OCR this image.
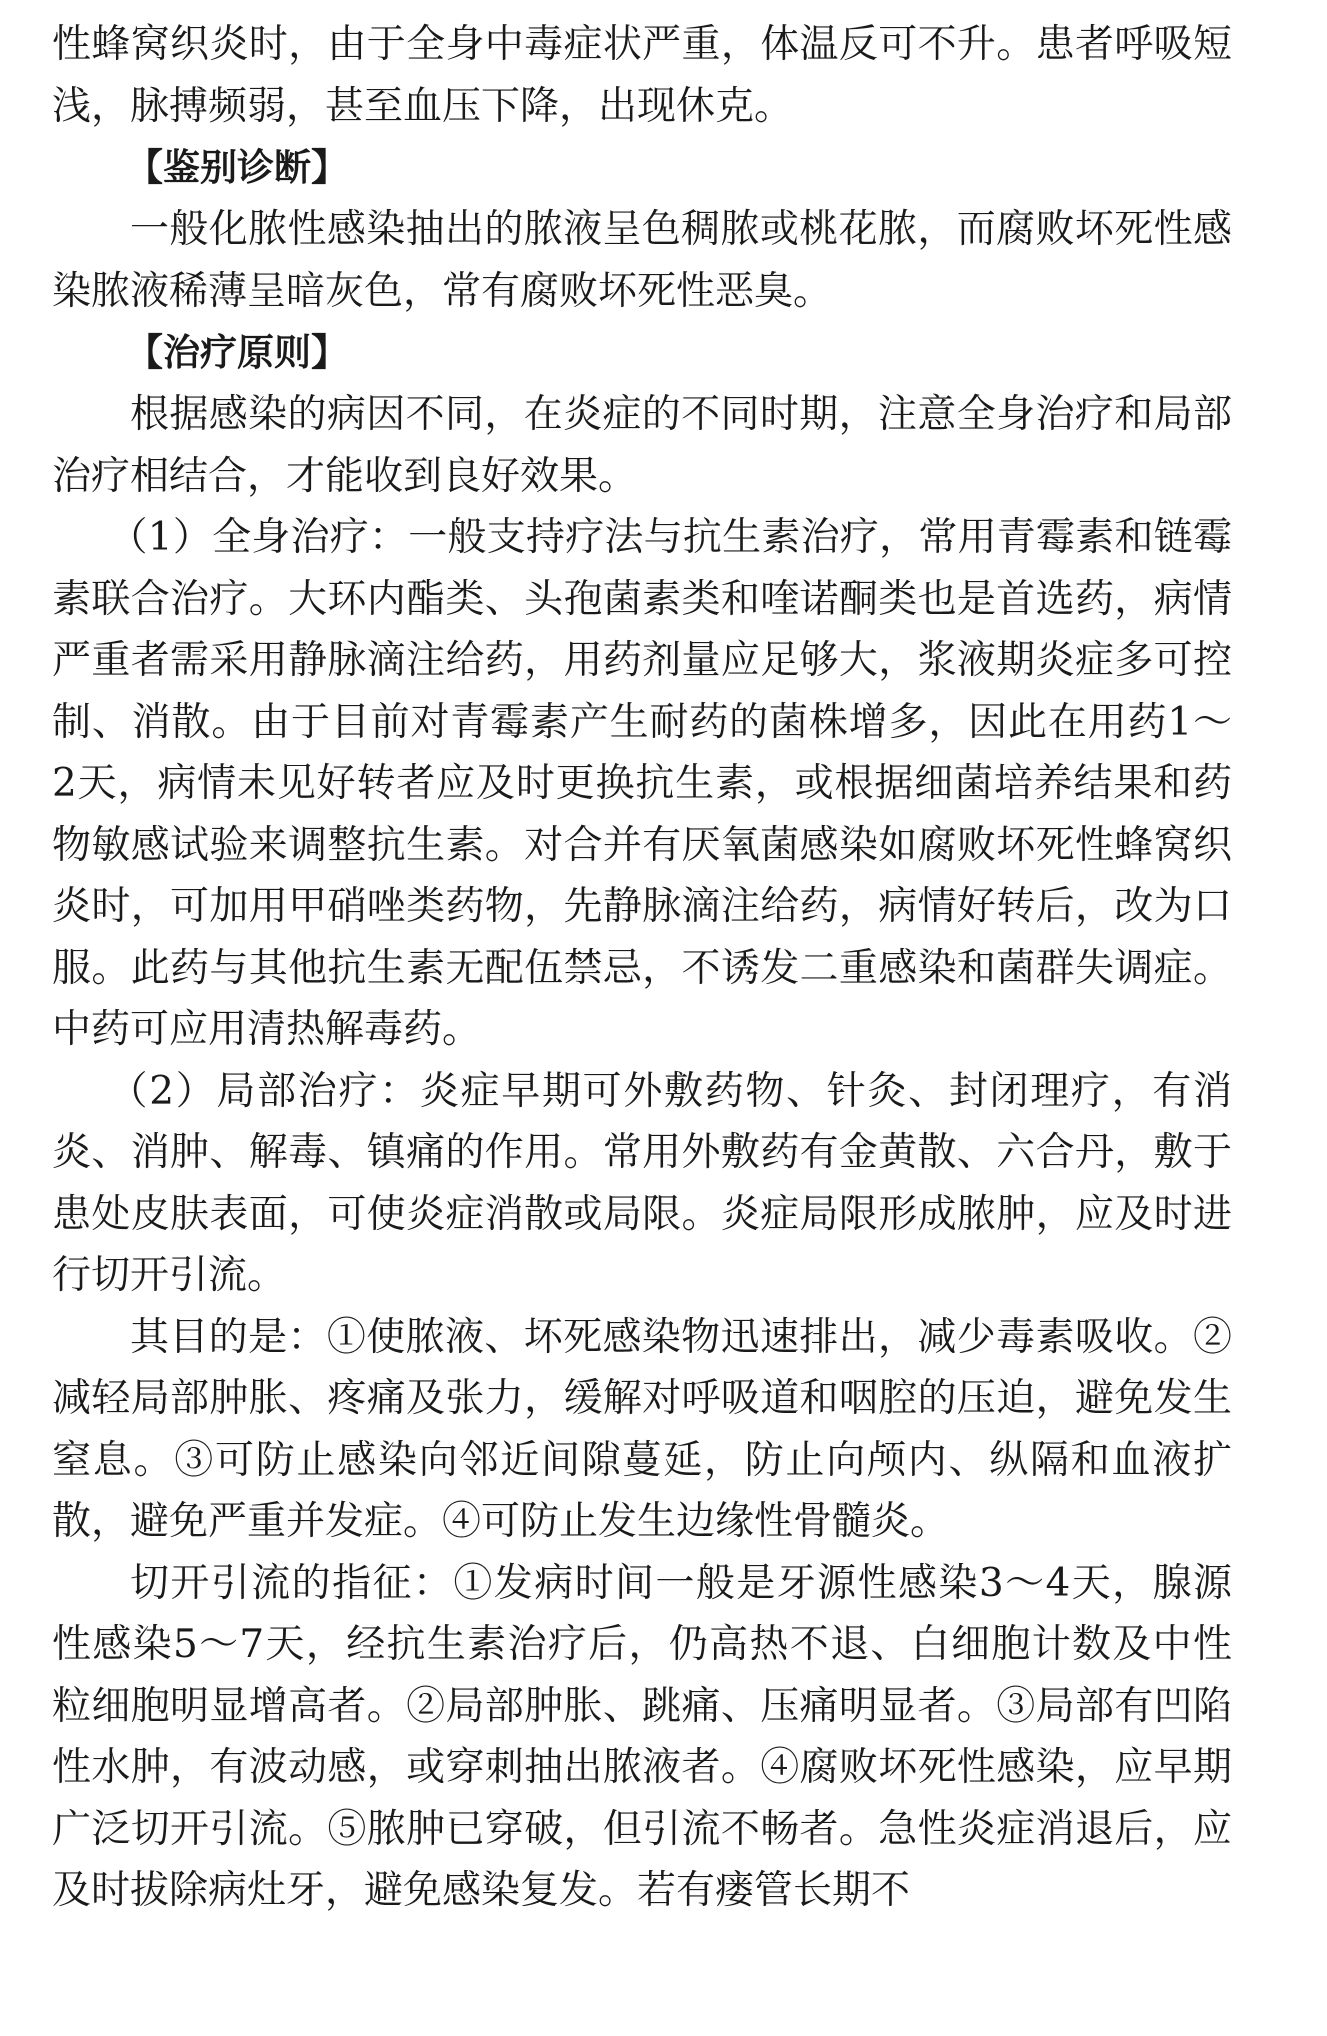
性蜂窝织炎时，由于全身中毒症状严重，体温反可不升。患者呼吸短浅，脉搏频弱，甚至血压下降，出现休克。

【鉴别诊断】

一般化脓性感染抽出的脓液呈色稠脓或桃花脓，而腐败坏死性感染脓液稀薄呈暗灰色，常有腐败坏死性恶臭。

【治疗原则】

根据感染的病因不同，在炎症的不同时期，注意全身治疗和局部治疗相结合，才能收到良好效果。

（1）全身治疗：一般支持疗法与抗生素治疗，常用青霉素和链霉素联合治疗。大环内酯类、头孢菌素类和喹诺酮类也是首选药，病情严重者需采用静脉滴注给药，用药剂量应足够大，浆液期炎症多可控制、消散。由于目前对青霉素产生耐药的菌株增多，因此在用药1～2天，病情未见好转者应及时更换抗生素，或根据细菌培养结果和药物敏感试验来调整抗生素。对合并有厌氧菌感染如腐败坏死性蜂窝织炎时，可加用甲硝唑类药物，先静脉滴注给药，病情好转后，改为口服。此药与其他抗生素无配伍禁忌，不诱发二重感染和菌群失调症。中药可应用清热解毒药。

（2）局部治疗：炎症早期可外敷药物、针灸、封闭理疗，有消炎、消肿、解毒、镇痛的作用。常用外敷药有金黄散、六合丹，敷于患处皮肤表面，可使炎症消散或局限。炎症局限形成脓肿，应及时进行切开引流。

其目的是：①使脓液、坏死感染物迅速排出，减少毒素吸收。②减轻局部肿胀、疼痛及张力，缓解对呼吸道和咽腔的压迫，避免发生窒息。③可防止感染向邻近间隙蔓延，防止向颅内、纵隔和血液扩散，避免严重并发症。④可防止发生边缘性骨髓炎。

切开引流的指征：①发病时间一般是牙源性感染3～4天，腺源性感染5～7天，经抗生素治疗后，仍高热不退、白细胞计数及中性粒细胞明显增高者。②局部肿胀、跳痛、压痛明显者。③局部有凹陷性水肿，有波动感，或穿刺抽出脓液者。④腐败坏死性感染，应早期广泛切开引流。⑤脓肿已穿破，但引流不畅者。急性炎症消退后，应及时拔除病灶牙，避免感染复发。若有瘘管长期不
